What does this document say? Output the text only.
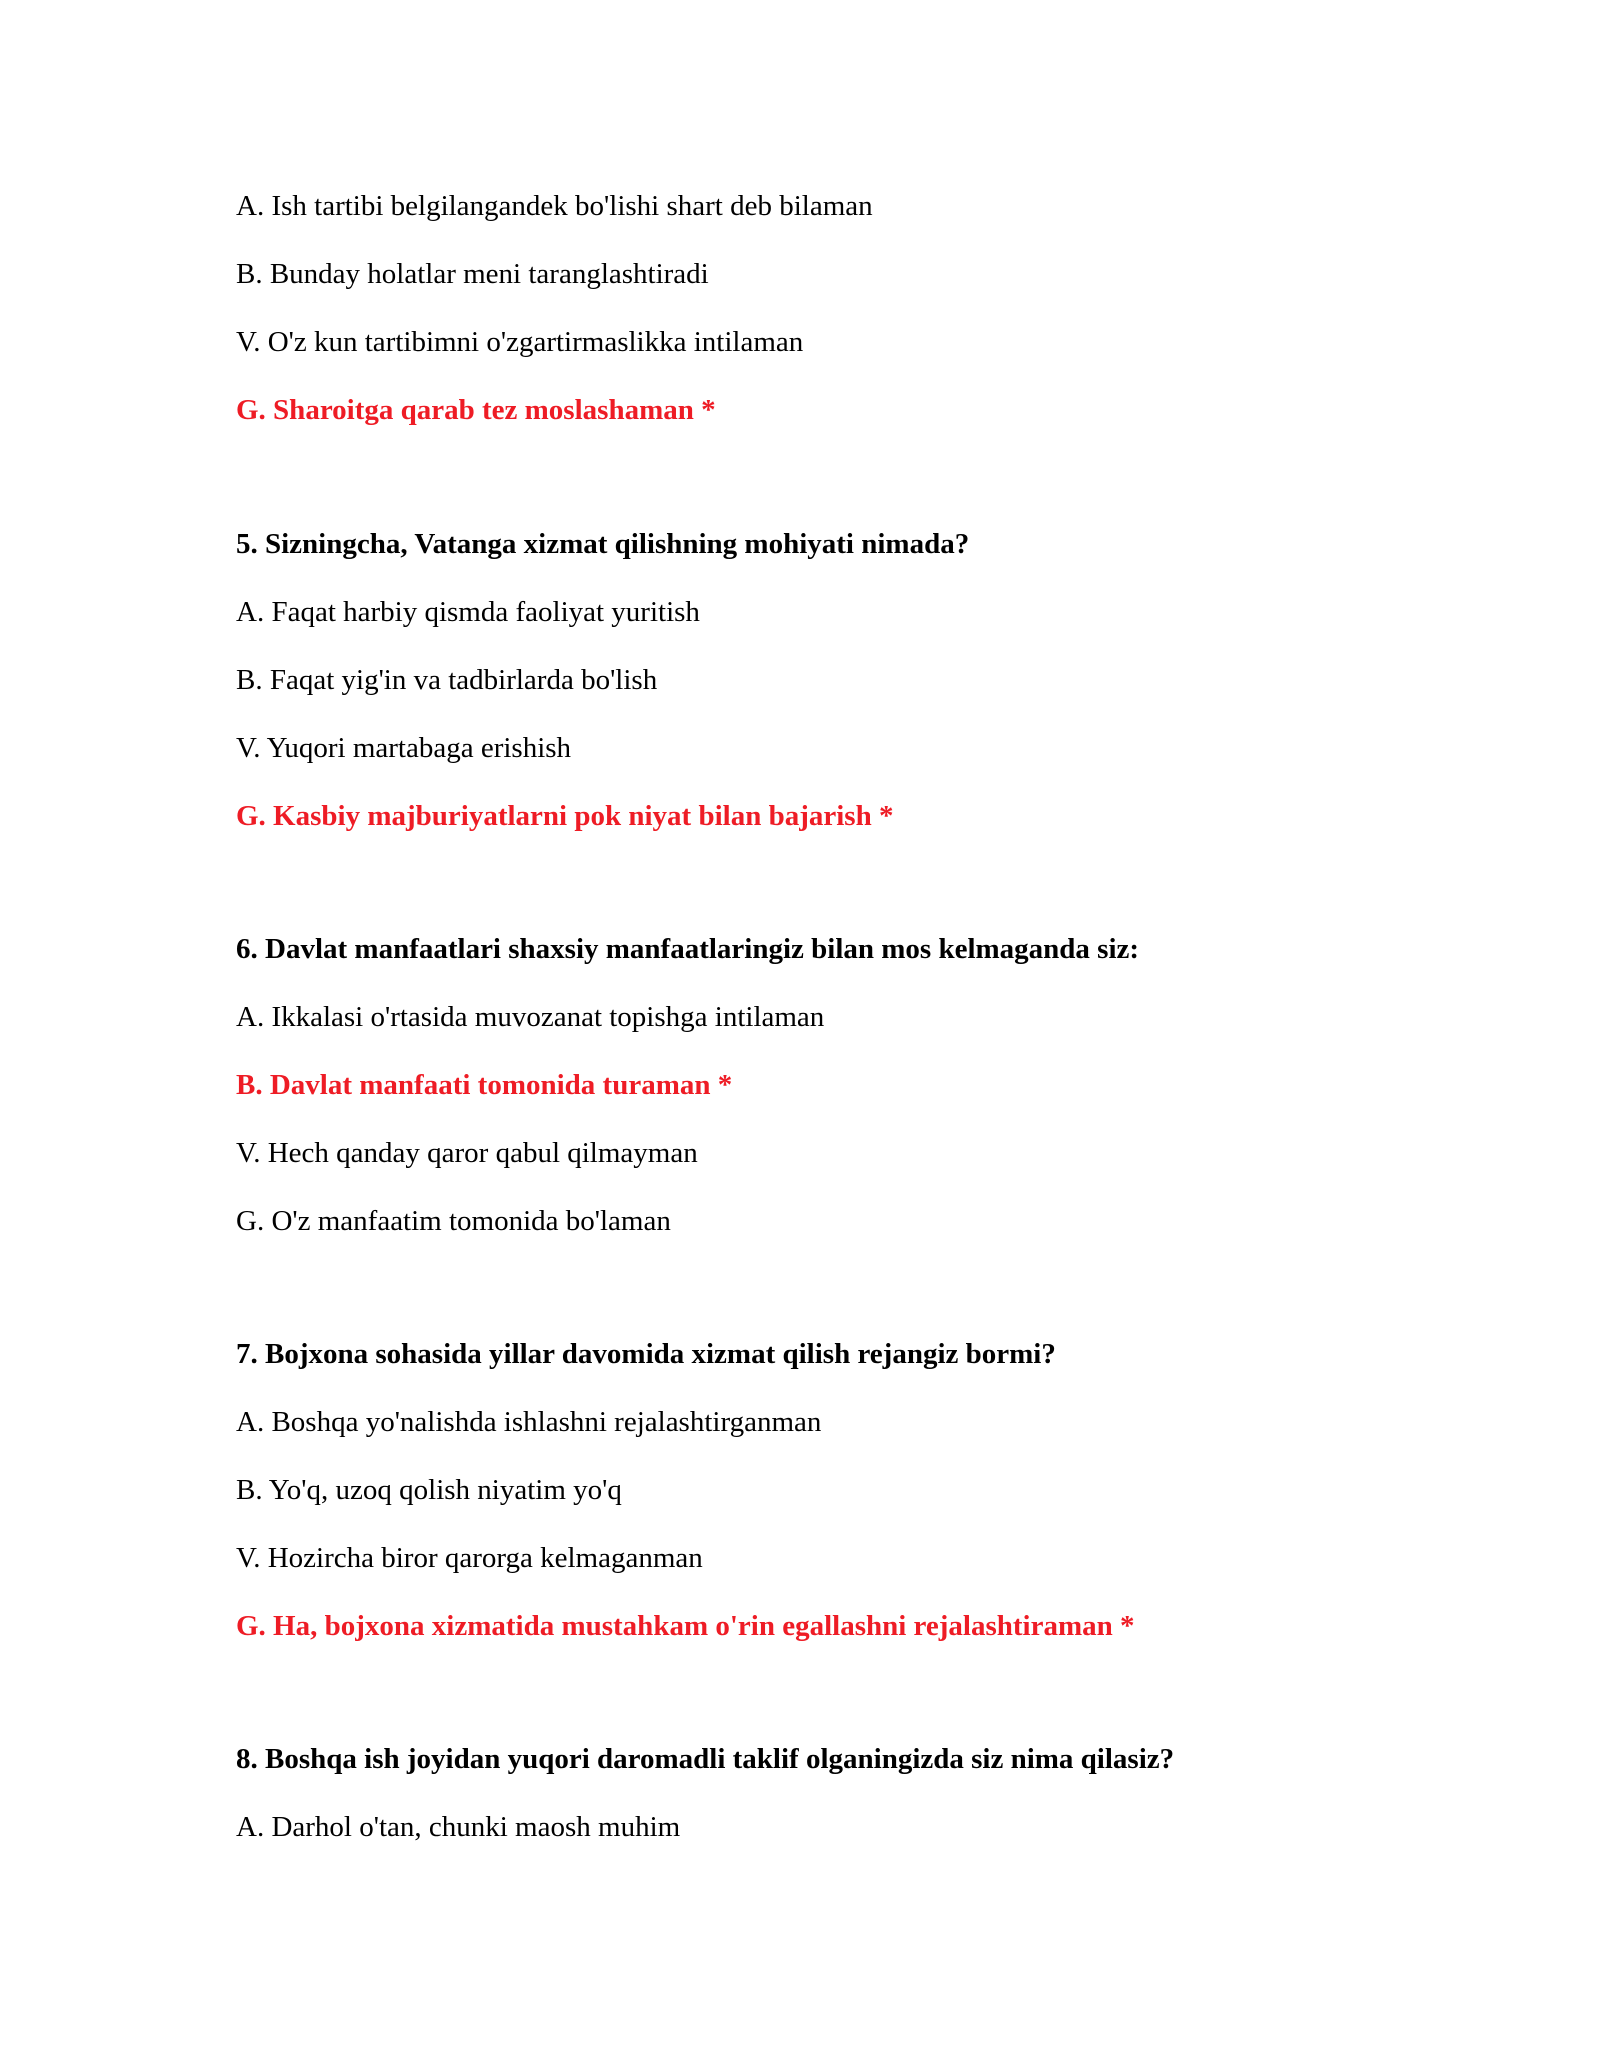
A. Ish tartibi belgilangandek bo'lishi shart deb bilaman
B. Bunday holatlar meni taranglashtiradi
V. O'z kun tartibimni o'zgartirmaslikka intilaman
G. Sharoitga qarab tez moslashaman *
5. Sizningcha, Vatanga xizmat qilishning mohiyati nimada?
A. Faqat harbiy qismda faoliyat yuritish
B. Faqat yig'in va tadbirlarda bo'lish
V. Yuqori martabaga erishish
G. Kasbiy majburiyatlarni pok niyat bilan bajarish *
6. Davlat manfaatlari shaxsiy manfaatlaringiz bilan mos kelmaganda siz:
A. Ikkalasi o'rtasida muvozanat topishga intilaman
B. Davlat manfaati tomonida turaman *
V. Hech qanday qaror qabul qilmayman
G. O'z manfaatim tomonida bo'laman
7. Bojxona sohasida yillar davomida xizmat qilish rejangiz bormi?
A. Boshqa yo'nalishda ishlashni rejalashtirganman
B. Yo'q, uzoq qolish niyatim yo'q
V. Hozircha biror qarorga kelmaganman
G. Ha, bojxona xizmatida mustahkam o'rin egallashni rejalashtiraman *
8. Boshqa ish joyidan yuqori daromadli taklif olganingizda siz nima qilasiz?
A. Darhol o'tan, chunki maosh muhim
